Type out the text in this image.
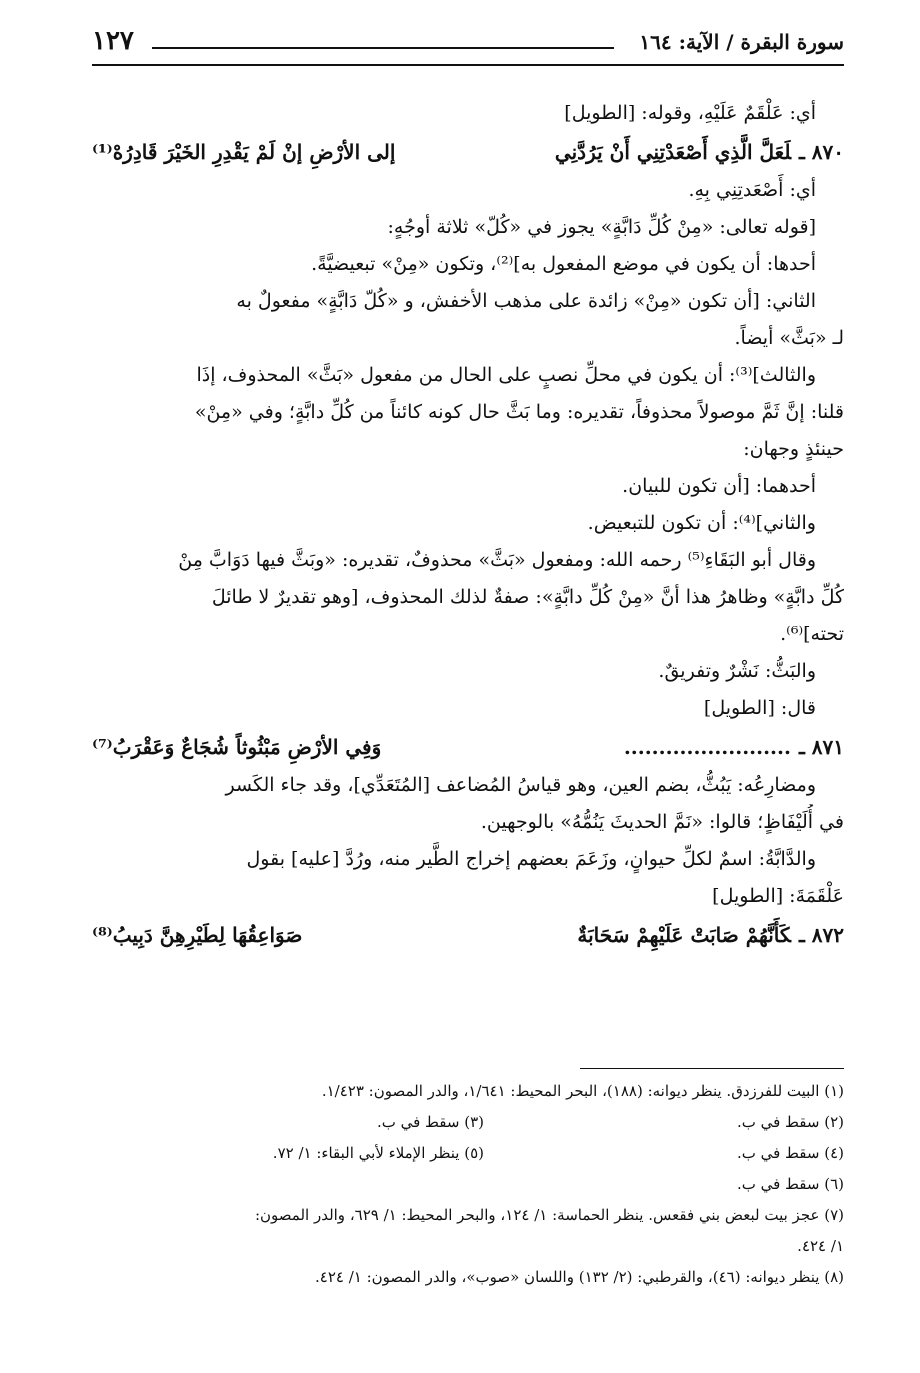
سورة البقرة / الآية: ١٦٤
١٢٧
أي: عَلْقَمٌ عَلَيْهِ، وقوله: [الطويل]
٨٧٠ ـلَعَلَّ الَّذِي أَصْعَدْتِنِي أَنْ يَرُدَّنِي
إلى الأرْضِ إنْ لَمْ يَقْدِرِ الخَيْرَ قَادِرُهْ⁽¹⁾
أي: أَصْعَدتِنِي بِهِ.
[قوله تعالى: «مِنْ كُلِّ دَابَّةٍ» يجوز في «كُلّ» ثلاثة أوجُهٍ:
أحدها: أن يكون في موضع المفعول به]⁽²⁾، وتكون «مِنْ» تبعيضيَّةً.
الثاني: [أن تكون «مِنْ» زائدة على مذهب الأخفش، و «كُلّ دَابَّةٍ» مفعولٌ به
لـ «بَثَّ» أيضاً.
والثالث]⁽³⁾: أن يكون في محلِّ نصبٍ على الحال من مفعول «بَثَّ» المحذوف، إذَا
قلنا: إنَّ ثَمَّ موصولاً محذوفاً، تقديره: وما بَثَّ حال كونه كائناً من كُلِّ دابَّةٍ؛ وفي «مِنْ»
حينئذٍ وجهان:
أحدهما: [أن تكون للبيان.
والثاني]⁽⁴⁾: أن تكون للتبعيض.
وقال أبو البَقَاءِ⁽⁵⁾ رحمه الله: ومفعول «بَثَّ» محذوفٌ، تقديره: «وبَثَّ فيها دَوَابَّ مِنْ
كُلِّ دابَّةٍ» وظاهرُ هذا أنَّ «مِنْ كُلِّ دابَّةٍ»: صفةٌ لذلك المحذوف، [وهو تقديرٌ لا طائلَ
تحته]⁽⁶⁾.
والبَثُّ: نَشْرٌ وتفريقٌ.
قال: [الطويل]
٨٧١ ـ........................
وَفِي الأرْضِ مَبْثُوثاً شُجَاعٌ وَعَقْرَبُ⁽⁷⁾
ومضارِعُه: يَبُثُّ، بضم العين، وهو قياسُ المُضاعف [المُتَعَدِّي]، وقد جاء الكَسر
في أُلَيْفَاظٍ؛ قالوا: «نَمَّ الحديثَ يَنُمُّهُ» بالوجهين.
والدَّابَّةُ: اسمٌ لكلِّ حيوانٍ، وزَعَمَ بعضهم إخراج الطَّير منه، ورُدَّ [عليه] بقول
عَلْقَمَةَ: [الطويل]
٨٧٢ ـكَأَنَّهُمْ صَابَتْ عَلَيْهِمْ سَحَابَةٌ
صَوَاعِقُهَا لِطَيْرِهِنَّ دَبِيبُ⁽⁸⁾
(١) البيت للفرزدق. ينظر ديوانه: (١٨٨)، البحر المحيط: ١/٦٤١، والدر المصون: ١/٤٢٣.
(٢) سقط في ب.
(٣) سقط في ب.
(٤) سقط في ب.
(٥) ينظر الإملاء لأبي البقاء: ١/ ٧٢.
(٦) سقط في ب.
(٧) عجز بيت لبعض بني فقعس. ينظر الحماسة: ١/ ١٢٤، والبحر المحيط: ١/ ٦٢٩، والدر المصون:
١/ ٤٢٤.
(٨) ينظر ديوانه: (٤٦)، والقرطبي: (٢/ ١٣٢) واللسان «صوب»، والدر المصون: ١/ ٤٢٤.
